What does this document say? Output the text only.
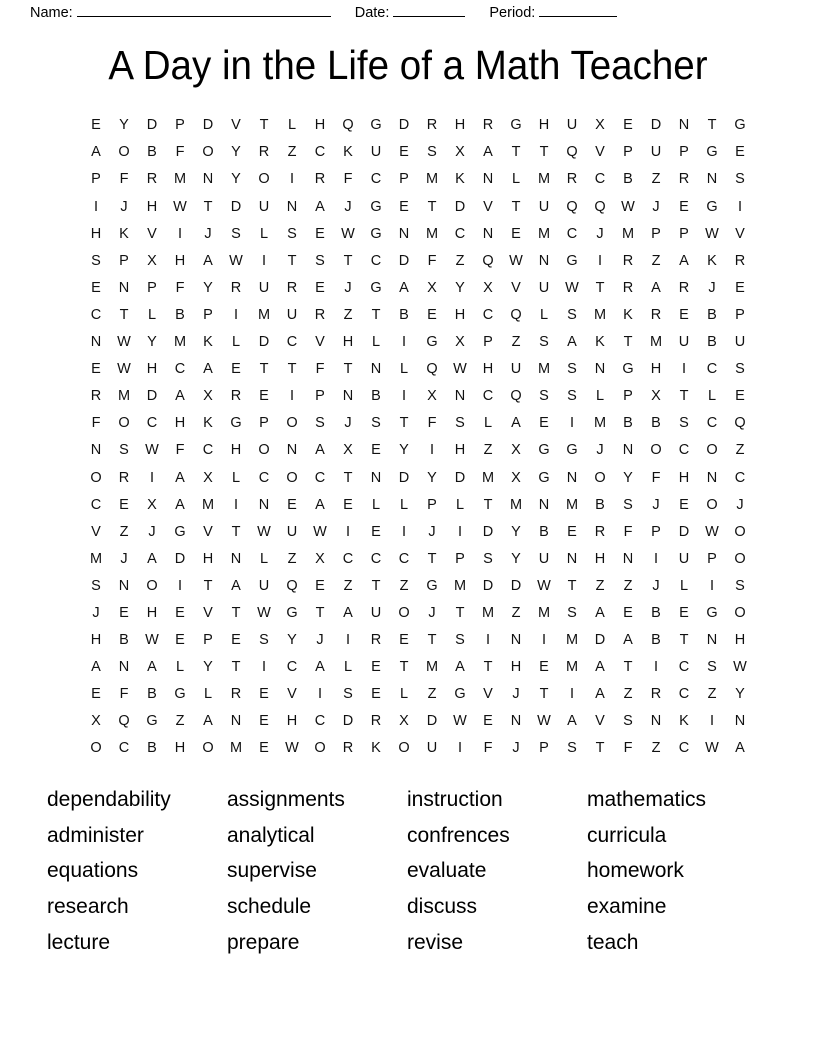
Name:	Date:	Period:
A Day in the Life of a Math Teacher
E	Y	D	P	D	V	T	L	H	Q	G	D	R	H	R	G	H	U	X	E	D	N	T	G
A	O	B	F	O	Y	R	Z	C	K	U	E	S	X	A	T	T	Q	V	P	U	P	G	E
P	F	R	M	N	Y	O	I	R	F	C	P	M	K	N	L	M	R	C	B	Z	R	N	S
I	J	H	W	T	D	U	N	A	J	G	E	T	D	V	T	U	Q	Q	W	J	E	G	I
H	K	V	I	J	S	L	S	E	W	G	N	M	C	N	E	M	C	J	M	P	P	W	V
S	P	X	H	A	W	I	T	S	T	C	D	F	Z	Q	W	N	G	I	R	Z	A	K	R
E	N	P	F	Y	R	U	R	E	J	G	A	X	Y	X	V	U	W	T	R	A	R	J	E
C	T	L	B	P	I	M	U	R	Z	T	B	E	H	C	Q	L	S	M	K	R	E	B	P
N	W	Y	M	K	L	D	C	V	H	L	I	G	X	P	Z	S	A	K	T	M	U	B	U
E	W	H	C	A	E	T	T	F	T	N	L	Q	W	H	U	M	S	N	G	H	I	C	S
R	M	D	A	X	R	E	I	P	N	B	I	X	N	C	Q	S	S	L	P	X	T	L	E
F	O	C	H	K	G	P	O	S	J	S	T	F	S	L	A	E	I	M	B	B	S	C	Q
N	S	W	F	C	H	O	N	A	X	E	Y	I	H	Z	X	G	G	J	N	O	C	O	Z
O	R	I	A	X	L	C	O	C	T	N	D	Y	D	M	X	G	N	O	Y	F	H	N	C
C	E	X	A	M	I	N	E	A	E	L	L	P	L	T	M	N	M	B	S	J	E	O	J
V	Z	J	G	V	T	W	U	W	I	E	I	J	I	D	Y	B	E	R	F	P	D	W	O
M	J	A	D	H	N	L	Z	X	C	C	C	T	P	S	Y	U	N	H	N	I	U	P	O
S	N	O	I	T	A	U	Q	E	Z	T	Z	G	M	D	D	W	T	Z	Z	J	L	I	S
J	E	H	E	V	T	W	G	T	A	U	O	J	T	M	Z	M	S	A	E	B	E	G	O
H	B	W	E	P	E	S	Y	J	I	R	E	T	S	I	N	I	M	D	A	B	T	N	H
A	N	A	L	Y	T	I	C	A	L	E	T	M	A	T	H	E	M	A	T	I	C	S	W
E	F	B	G	L	R	E	V	I	S	E	L	Z	G	V	J	T	I	A	Z	R	C	Z	Y
X	Q	G	Z	A	N	E	H	C	D	R	X	D	W	E	N	W	A	V	S	N	K	I	N
O	C	B	H	O	M	E	W	O	R	K	O	U	I	F	J	P	S	T	F	Z	C	W	A
dependability
administer
equations
research
lecture
assignments
analytical
supervise
schedule
prepare
instruction
confrences
evaluate
discuss
revise
mathematics
curricula
homework
examine
teach
